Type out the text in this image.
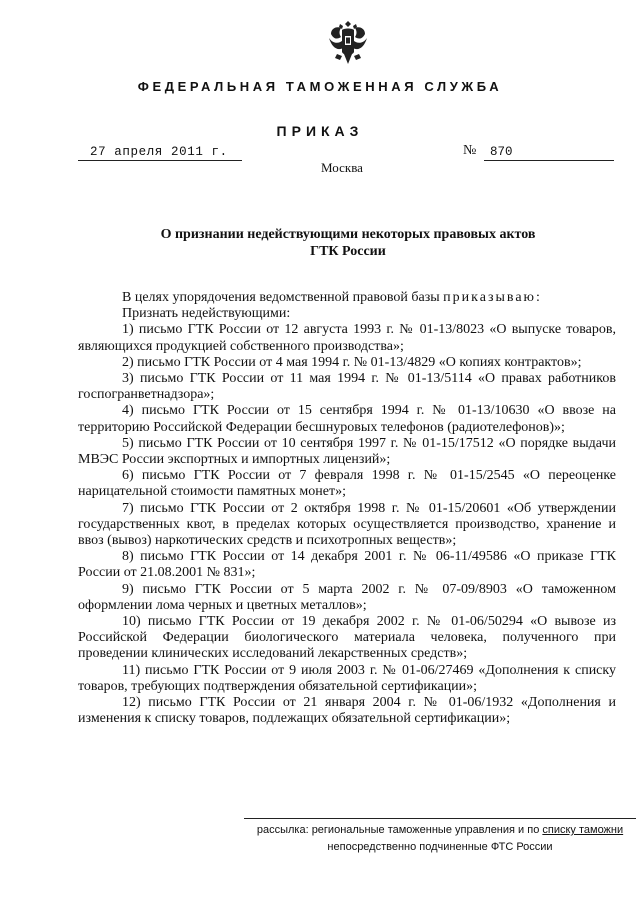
ФЕДЕРАЛЬНАЯ ТАМОЖЕННАЯ СЛУЖБА
ПРИКАЗ
27 апреля 2011 г.	№	870
Москва
О признании недействующими некоторых правовых актов
ГТК России

В целях упорядочения ведомственной правовой базы приказываю:

Признать недействующими:

1) письмо ГТК России от 12 августа 1993 г. № 01-13/8023 «О выпуске товаров, являющихся продукцией собственного производства»;

2) письмо ГТК России от 4 мая 1994 г. № 01-13/4829 «О копиях контрактов»;

3) письмо ГТК России от 11 мая 1994 г. № 01-13/5114 «О правах работников госпогранветнадзора»;

4) письмо ГТК России от 15 сентября 1994 г. № 01-13/10630 «О ввозе на территорию Российской Федерации бесшнуровых телефонов (радиотелефонов)»;

5) письмо ГТК России от 10 сентября 1997 г. № 01-15/17512 «О порядке выдачи МВЭС России экспортных и импортных лицензий»;

6) письмо ГТК России от 7 февраля 1998 г. № 01-15/2545 «О переоценке нарицательной стоимости памятных монет»;

7) письмо ГТК России от 2 октября 1998 г. № 01-15/20601 «Об утверждении государственных квот, в пределах которых осуществляется производство, хранение и ввоз (вывоз) наркотических средств и психотропных веществ»;

8) письмо ГТК России от 14 декабря 2001 г. № 06-11/49586 «О приказе ГТК России от 21.08.2001 № 831»;

9) письмо ГТК России от 5 марта 2002 г. № 07-09/8903 «О таможенном оформлении лома черных и цветных металлов»;

10) письмо ГТК России от 19 декабря 2002 г. № 01-06/50294 «О вывозе из Российской Федерации биологического материала человека, полученного при проведении клинических исследований лекарственных средств»;

11) письмо ГТК России от 9 июля 2003 г. № 01-06/27469 «Дополнения к списку товаров, требующих подтверждения обязательной сертификации»;

12) письмо ГТК России от 21 января 2004 г. № 01-06/1932 «Дополнения и изменения к списку товаров, подлежащих обязательной сертификации»;

рассылка: региональные таможенные управления и по списку таможни
непосредственно подчиненные ФТС России
